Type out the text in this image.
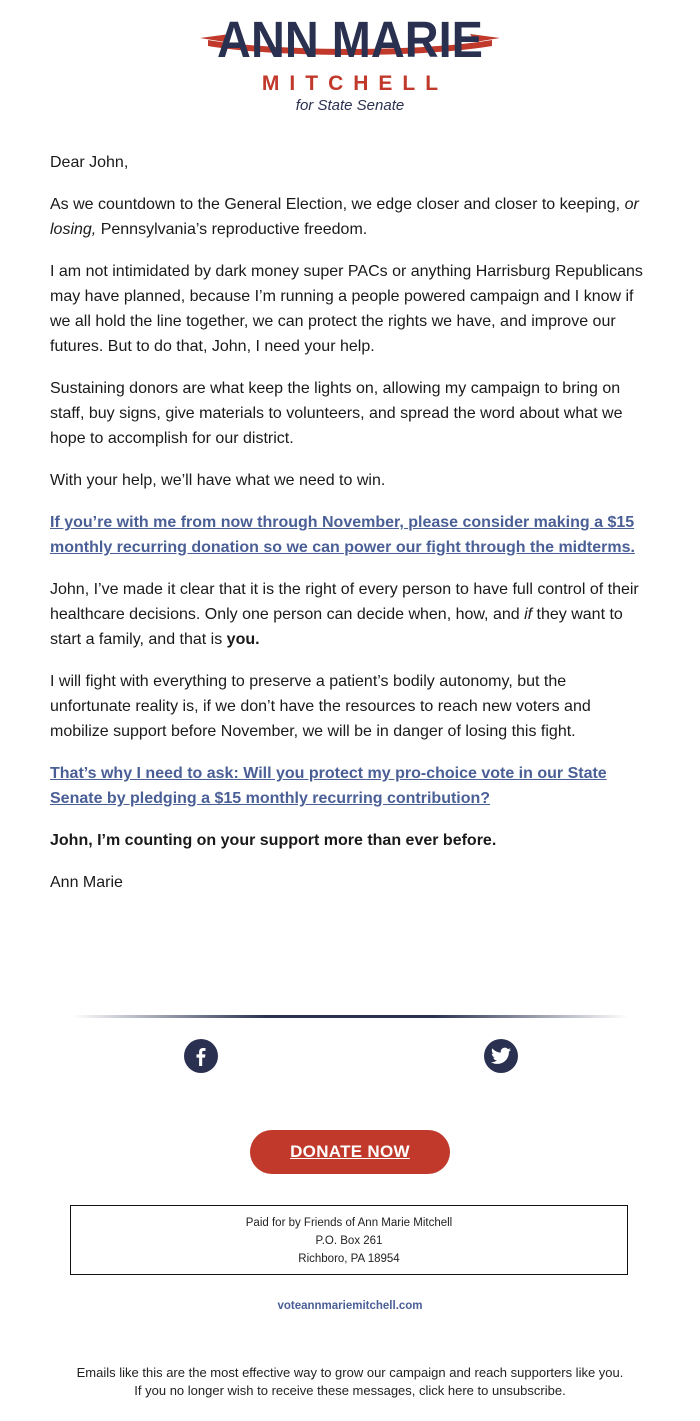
ANN MARIE
MITCHELL
for State Senate

Dear John,

As we countdown to the General Election, we edge closer and closer to keeping, or losing, Pennsylvania’s reproductive freedom.

I am not intimidated by dark money super PACs or anything Harrisburg Republicans may have planned, because I’m running a people powered campaign and I know if we all hold the line together, we can protect the rights we have, and improve our futures. But to do that, John, I need your help.

Sustaining donors are what keep the lights on, allowing my campaign to bring on staff, buy signs, give materials to volunteers, and spread the word about what we hope to accomplish for our district.

With your help, we’ll have what we need to win.

If you’re with me from now through November, please consider making a $15 monthly recurring donation so we can power our fight through the midterms.

John, I’ve made it clear that it is the right of every person to have full control of their healthcare decisions. Only one person can decide when, how, and if they want to start a family, and that is you.

I will fight with everything to preserve a patient’s bodily autonomy, but the unfortunate reality is, if we don’t have the resources to reach new voters and mobilize support before November, we will be in danger of losing this fight.

That’s why I need to ask: Will you protect my pro-choice vote in our State Senate by pledging a $15 monthly recurring contribution?

John, I’m counting on your support more than ever before.

Ann Marie

DONATE NOW
Paid for by Friends of Ann Marie Mitchell
P.O. Box 261
Richboro, PA 18954
voteannmariemitchell.com
Emails like this are the most effective way to grow our campaign and reach supporters like you.
If you no longer wish to receive these messages, click here to unsubscribe.
